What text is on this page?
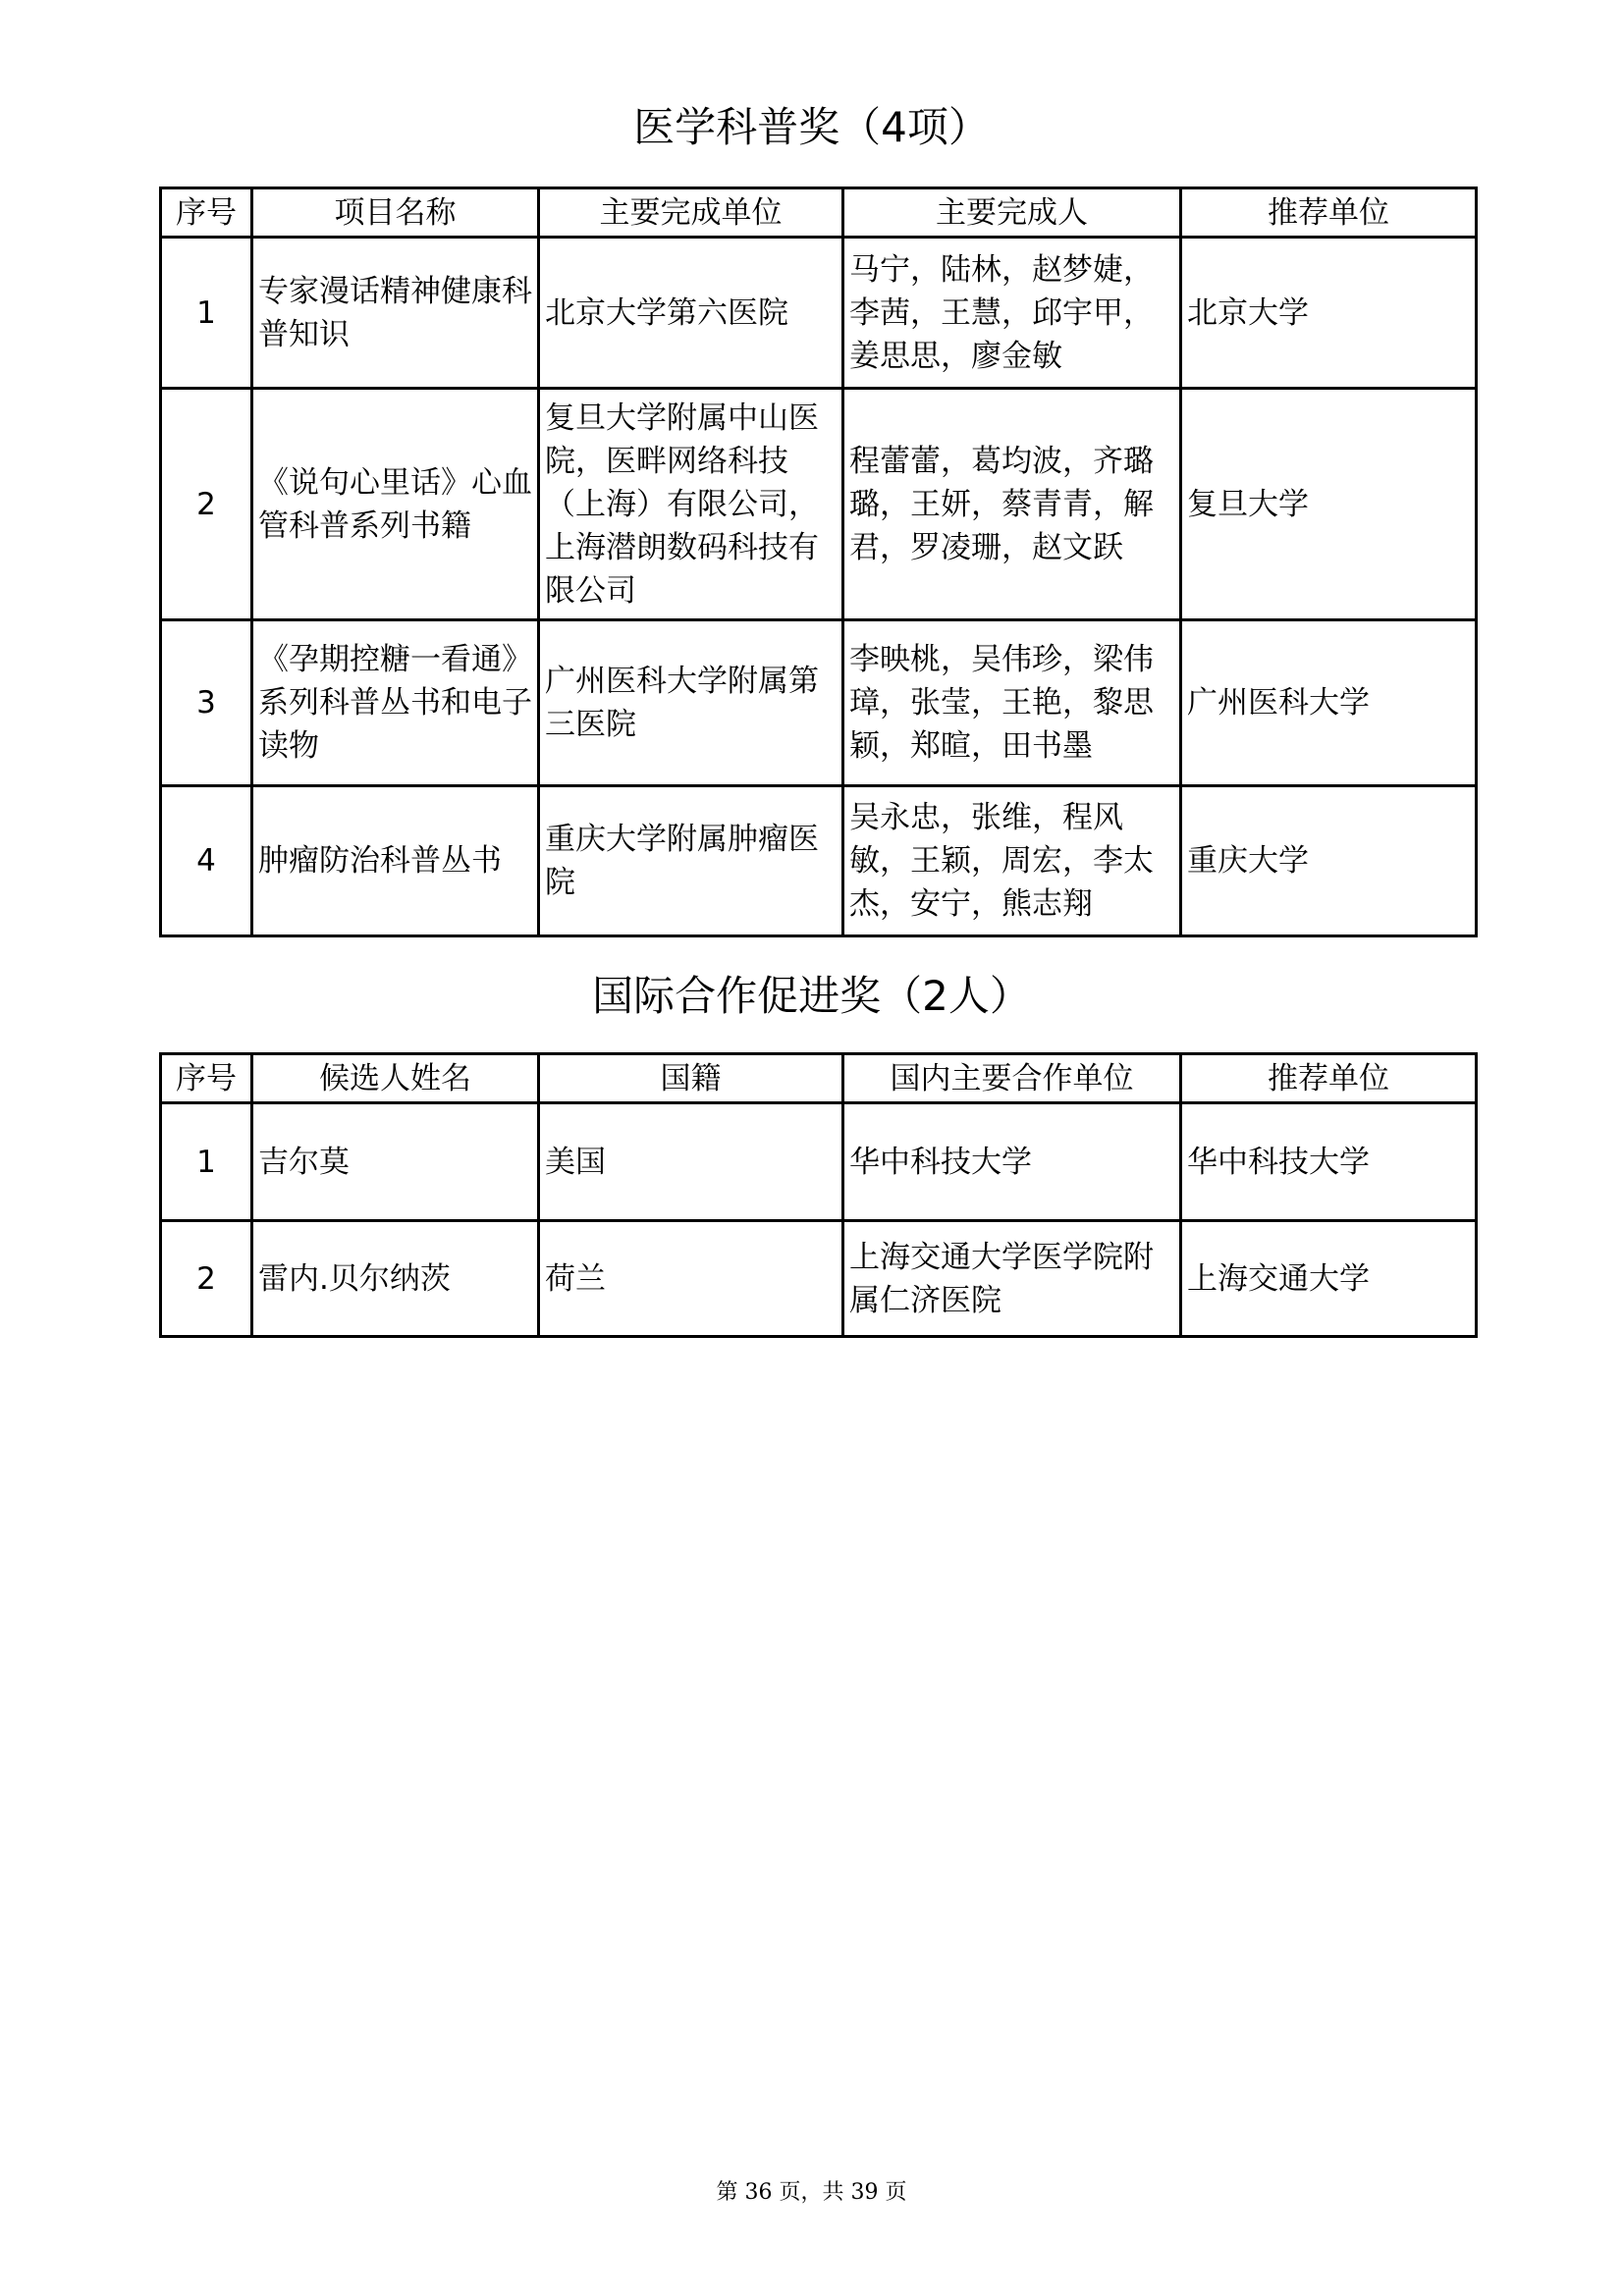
医学科普奖（4项）
序号	项目名称	主要完成单位	主要完成人	推荐单位
1	专家漫话精神健康科普知识	北京大学第六医院	马宁，陆林，赵梦婕，李茜，王慧，邱宇甲，姜思思，廖金敏	北京大学
2	《说句心里话》心血管科普系列书籍	复旦大学附属中山医院，医畔网络科技（上海）有限公司，上海潜朗数码科技有限公司	程蕾蕾，葛均波，齐璐璐，王妍，蔡青青，解君，罗凌珊，赵文跃	复旦大学
3	《孕期控糖一看通》系列科普丛书和电子读物	广州医科大学附属第三医院	李映桃，吴伟珍，梁伟璋，张莹，王艳，黎思颖，郑暄，田书墨	广州医科大学
4	肿瘤防治科普丛书	重庆大学附属肿瘤医院	吴永忠，张维，程风敏，王颖，周宏，李太杰，安宁，熊志翔	重庆大学
国际合作促进奖（2人）
序号	候选人姓名	国籍	国内主要合作单位	推荐单位
1	吉尔莫	美国	华中科技大学	华中科技大学
2	雷内.贝尔纳茨	荷兰	上海交通大学医学院附属仁济医院	上海交通大学
第 36 页，共 39 页
